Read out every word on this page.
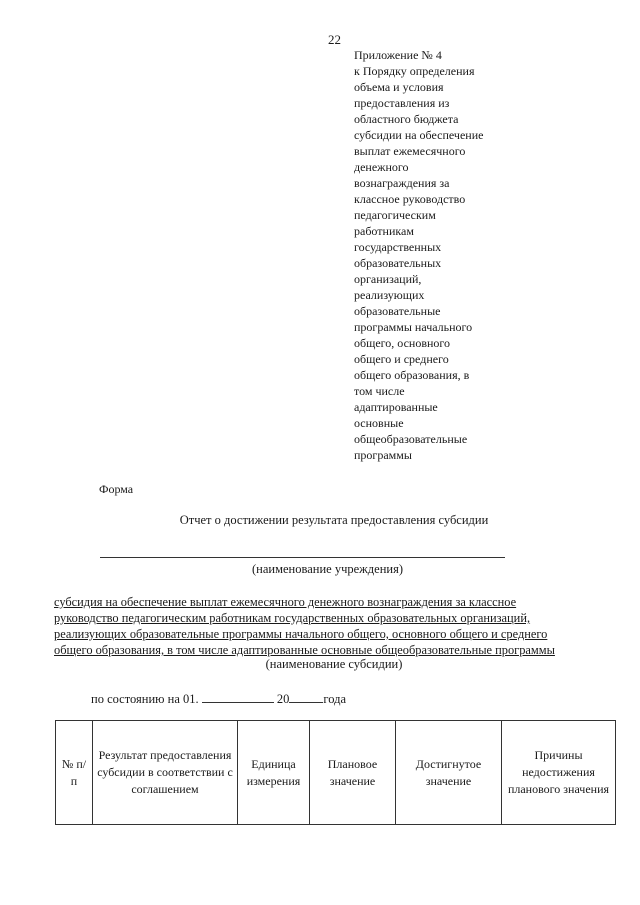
22
Приложение № 4
к Порядку определения
объема и условия
предоставления из
областного бюджета
субсидии на обеспечение
выплат ежемесячного
денежного
вознаграждения за
классное руководство
педагогическим
работникам
государственных
образовательных
организаций,
реализующих
образовательные
программы начального
общего, основного
общего и среднего
общего образования, в
том числе
адаптированные
основные
общеобразовательные
программы
Форма
Отчет о достижении результата предоставления субсидии
(наименование учреждения)
субсидия на обеспечение выплат ежемесячного денежного вознаграждения за классное
руководство педагогическим работникам государственных образовательных организаций,
реализующих образовательные программы начального общего, основного общего и среднего
общего образования, в том числе адаптированные основные общеобразовательные программы
(наименование субсидии)
по состоянию на 01.	20	года
№ п/п	Результат предоставления субсидии в соответствии с соглашением	Единица измерения	Плановое значение	Достигнутое значение	Причины недостижения планового значения
